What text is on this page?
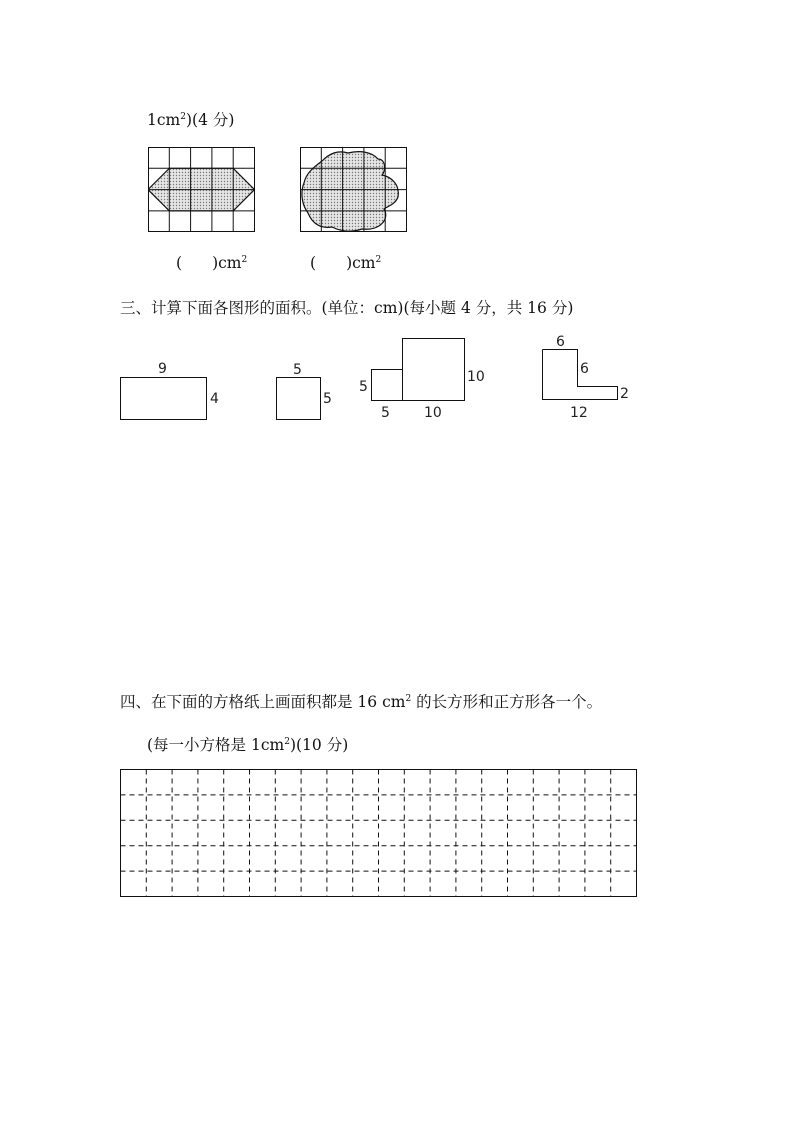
$1cm^2)(4$ 分)
( )$cm^2$	( )$cm^2$
三、计算下面各图形的面积。(单位：cm)(每小题 4 分，共 16 分)
9
4
5
5
5
5 10
10
6
6
2
12
四、在下面的方格纸上画面积都是 16 $cm^2$ 的长方形和正方形各一个。
(每一小方格是 $1cm^2)(10$ 分)
